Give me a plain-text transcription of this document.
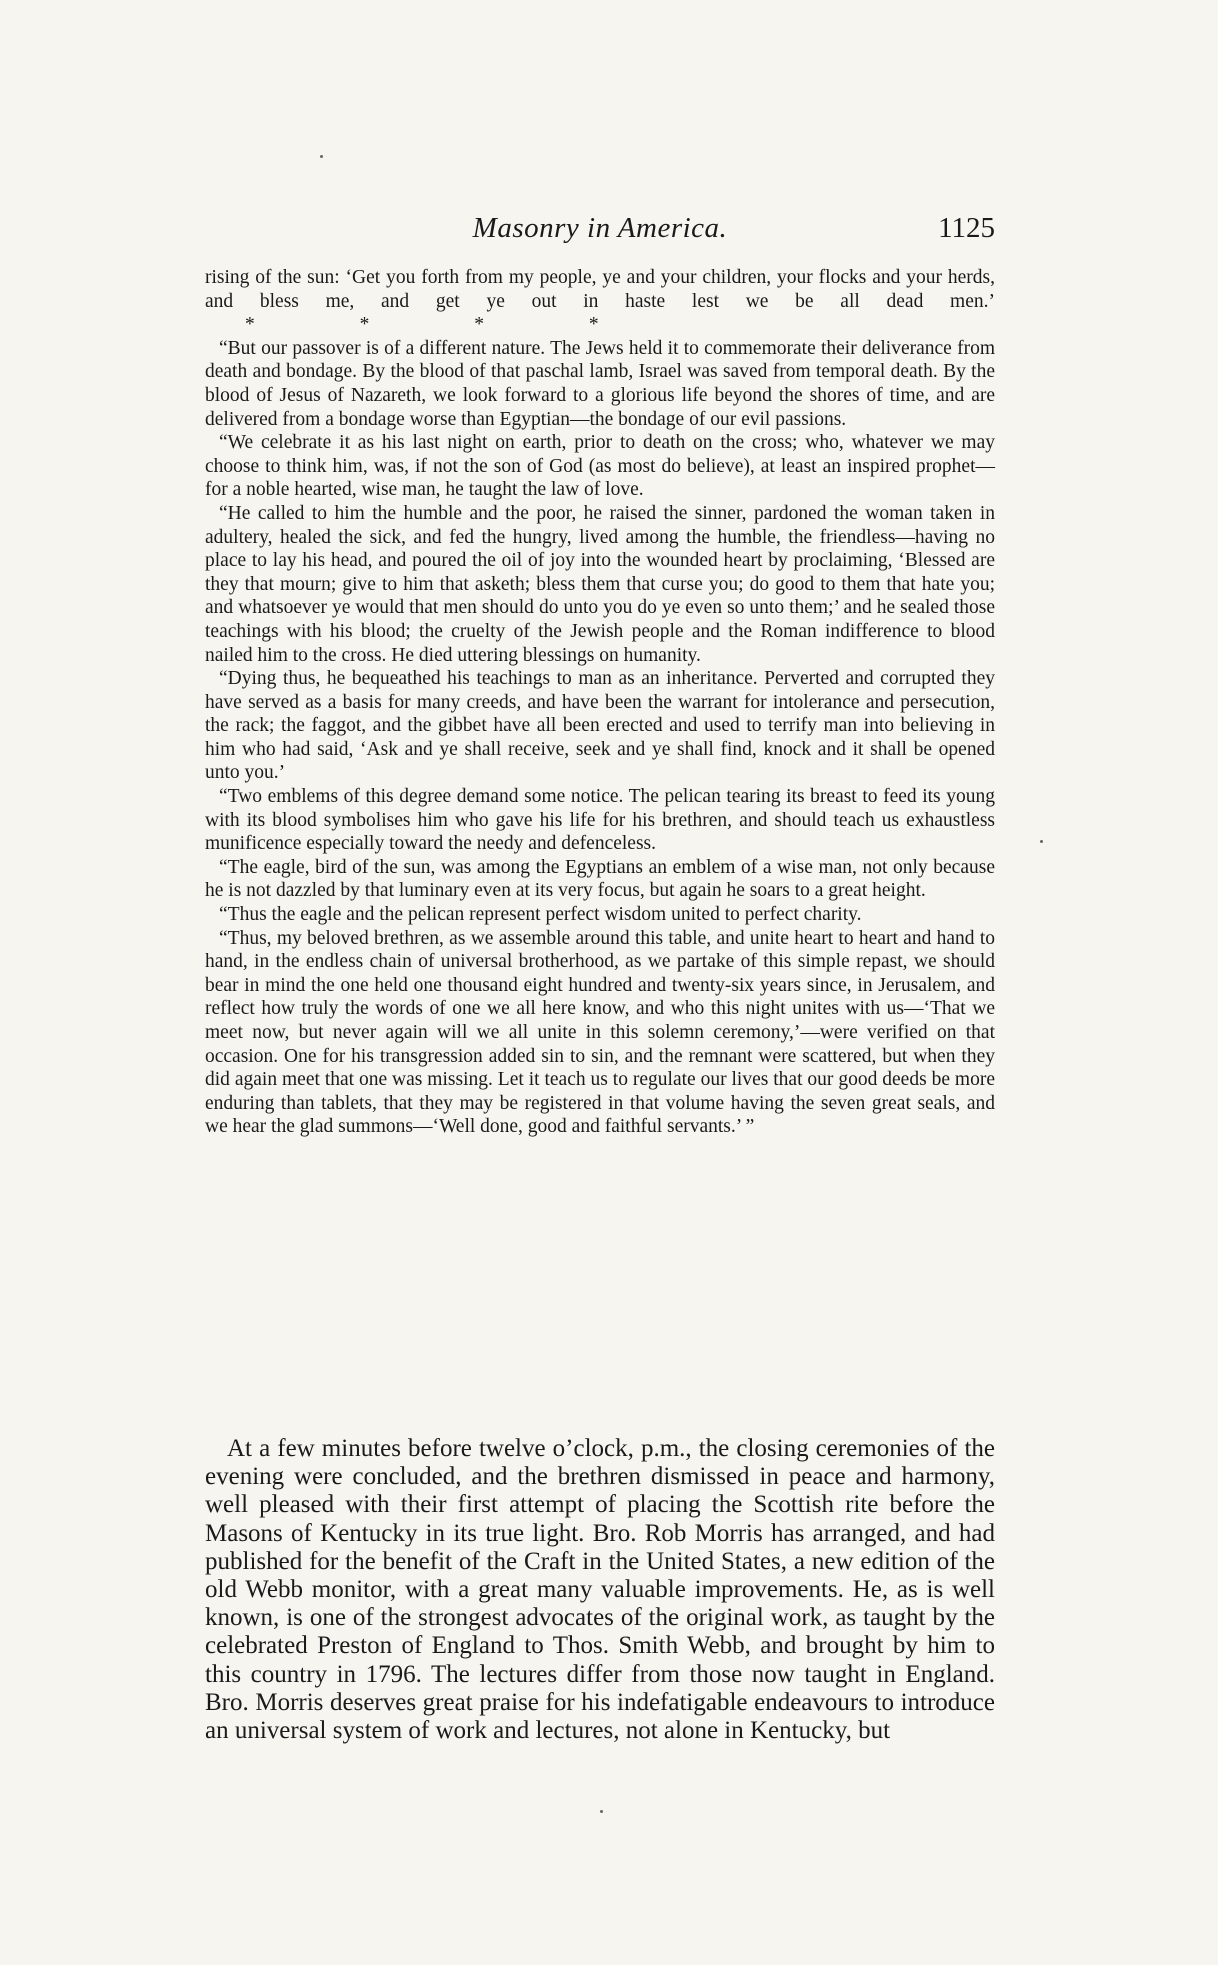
Masonry in America.	1125

rising of the sun: ‘Get you forth from my people, ye and your children, your flocks and your herds, and bless me, and get ye out in haste lest we be all dead men.’* * * *

“But our passover is of a different nature. The Jews held it to commemorate their deliverance from death and bondage. By the blood of that paschal lamb, Israel was saved from temporal death. By the blood of Jesus of Nazareth, we look forward to a glorious life beyond the shores of time, and are delivered from a bondage worse than Egyptian—the bondage of our evil passions.

“We celebrate it as his last night on earth, prior to death on the cross; who, whatever we may choose to think him, was, if not the son of God (as most do believe), at least an inspired prophet—for a noble hearted, wise man, he taught the law of love.

“He called to him the humble and the poor, he raised the sinner, pardoned the woman taken in adultery, healed the sick, and fed the hungry, lived among the humble, the friendless—having no place to lay his head, and poured the oil of joy into the wounded heart by proclaiming, ‘Blessed are they that mourn; give to him that asketh; bless them that curse you; do good to them that hate you; and whatsoever ye would that men should do unto you do ye even so unto them;’ and he sealed those teachings with his blood; the cruelty of the Jewish people and the Roman indifference to blood nailed him to the cross. He died uttering blessings on humanity.

“Dying thus, he bequeathed his teachings to man as an inheritance. Perverted and corrupted they have served as a basis for many creeds, and have been the warrant for intolerance and persecution, the rack; the faggot, and the gibbet have all been erected and used to terrify man into believing in him who had said, ‘Ask and ye shall receive, seek and ye shall find, knock and it shall be opened unto you.’

“Two emblems of this degree demand some notice. The pelican tearing its breast to feed its young with its blood symbolises him who gave his life for his brethren, and should teach us exhaustless munificence especially toward the needy and defenceless.

“The eagle, bird of the sun, was among the Egyptians an emblem of a wise man, not only because he is not dazzled by that luminary even at its very focus, but again he soars to a great height.

“Thus the eagle and the pelican represent perfect wisdom united to perfect charity.

“Thus, my beloved brethren, as we assemble around this table, and unite heart to heart and hand to hand, in the endless chain of universal brotherhood, as we partake of this simple repast, we should bear in mind the one held one thousand eight hundred and twenty-six years since, in Jerusalem, and reflect how truly the words of one we all here know, and who this night unites with us—‘That we meet now, but never again will we all unite in this solemn ceremony,’—were verified on that occasion. One for his transgression added sin to sin, and the remnant were scattered, but when they did again meet that one was missing. Let it teach us to regulate our lives that our good deeds be more enduring than tablets, that they may be registered in that volume having the seven great seals, and we hear the glad summons—‘Well done, good and faithful servants.’ ”

At a few minutes before twelve o’clock, p.m., the closing ceremonies of the evening were concluded, and the brethren dismissed in peace and harmony, well pleased with their first attempt of placing the Scottish rite before the Masons of Kentucky in its true light. Bro. Rob Morris has arranged, and had published for the benefit of the Craft in the United States, a new edition of the old Webb monitor, with a great many valuable improvements. He, as is well known, is one of the strongest advocates of the original work, as taught by the celebrated Preston of England to Thos. Smith Webb, and brought by him to this country in 1796. The lectures differ from those now taught in England. Bro. Morris deserves great praise for his indefatigable endeavours to introduce an universal system of work and lectures, not alone in Kentucky, but
